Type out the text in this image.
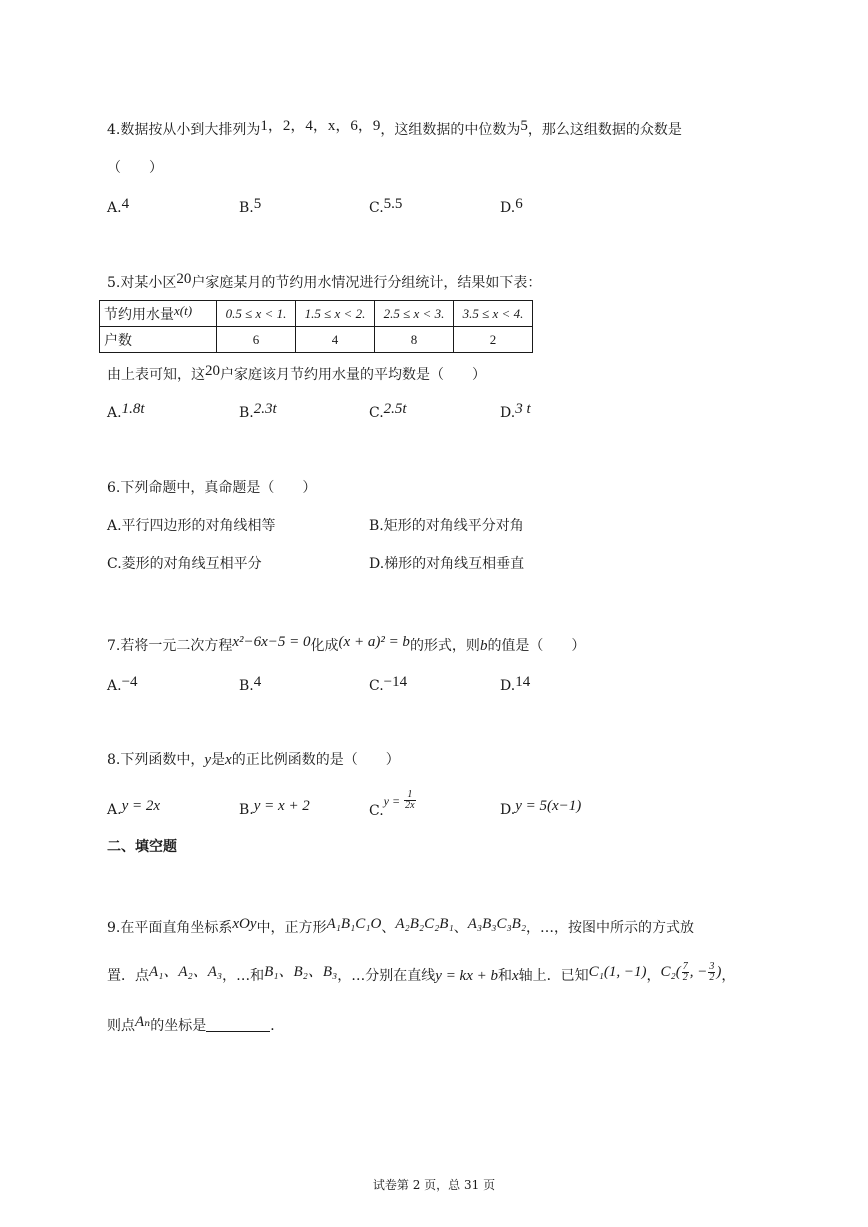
4.数据按从小到大排列为1，2，4，x，6，9，这组数据的中位数为5，那么这组数据的众数是
（　　）
A.4	B.5	C.5.5	D.6
5.对某小区20户家庭某月的节约用水情况进行分组统计，结果如下表：
节约用水量x(t)	0.5 ≤ x < 1.	1.5 ≤ x < 2.	2.5 ≤ x < 3.	3.5 ≤ x < 4.
户数	6	4	8	2
由上表可知，这20户家庭该月节约用水量的平均数是（　　）
A.1.8t	B.2.3t	C.2.5t	D.3 t
6.下列命题中，真命题是（　　）
A.平行四边形的对角线相等	B.矩形的对角线平分对角
C.菱形的对角线互相平分	D.梯形的对角线互相垂直
7.若将一元二次方程x²−6x−5 = 0化成(x + a)² = b的形式，则b的值是（　　）
A.−4	B.4	C.−14	D.14
8.下列函数中，y是x的正比例函数的是（　　）
A.y = 2x	B.y = x + 2	$C.y = \frac{1}{2x}$	D.y = 5(x−1)
二、填空题
9.在平面直角坐标系xOy中，正方形A₁B₁C₁O、A₂B₂C₂B₁、A₃B₃C₃B₂，…，按图中所示的方式放
置．点A₁、A₂、A₃，…和B₁、B₂、B₃，…分别在直线y = kx + b和x轴上．已知C₁(1, −1)，$C_2( \frac{7}{2}$ , − $\frac{3}{2}$ )，
则点Aₙ的坐标是	．
试卷第 2 页，总 31 页
